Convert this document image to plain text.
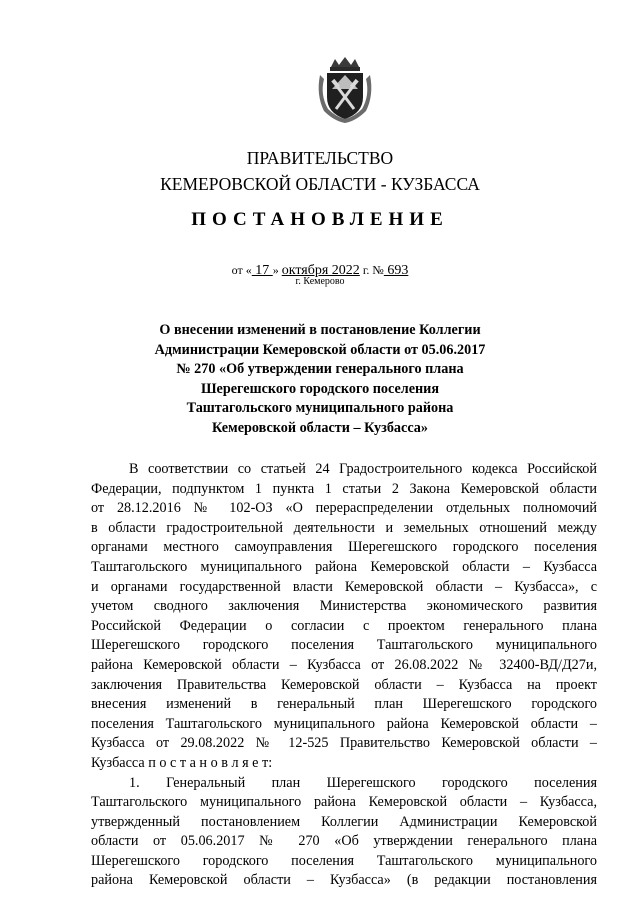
ПРАВИТЕЛЬСТВО
КЕМЕРОВСКОЙ ОБЛАСТИ - КУЗБАССА
ПОСТАНОВЛЕНИЕ
от « 17 » октября 2022 г. № 693
г. Кемерово
О внесении изменений в постановление Коллегии
Администрации Кемеровской области от 05.06.2017
№ 270 «Об утверждении генерального плана
Шерегешского городского поселения
Таштагольского муниципального района
Кемеровской области – Кузбасса»
В соответствии со статьей 24 Градостроительного кодекса Российской
Федерации, подпунктом 1 пункта 1 статьи 2 Закона Кемеровской области
от 28.12.2016 № 102-ОЗ «О перераспределении отдельных полномочий
в области градостроительной деятельности и земельных отношений между
органами местного самоуправления Шерегешского городского поселения
Таштагольского муниципального района Кемеровской области – Кузбасса
и органами государственной власти Кемеровской области – Кузбасса», с
учетом сводного заключения Министерства экономического развития
Российской Федерации о согласии с проектом генерального плана
Шерегешского городского поселения Таштагольского муниципального
района Кемеровской области – Кузбасса от 26.08.2022 № 32400-ВД/Д27и,
заключения Правительства Кемеровской области – Кузбасса на проект
внесения изменений в генеральный план Шерегешского городского
поселения Таштагольского муниципального района Кемеровской области –
Кузбасса от 29.08.2022 № 12-525 Правительство Кемеровской области –
Кузбасса п о с т а н о в л я е т:
1. Генеральный план Шерегешского городского поселения
Таштагольского муниципального района Кемеровской области – Кузбасса,
утвержденный постановлением Коллегии Администрации Кемеровской
области от 05.06.2017 № 270 «Об утверждении генерального плана
Шерегешского городского поселения Таштагольского муниципального
района Кемеровской области – Кузбасса» (в редакции постановления
